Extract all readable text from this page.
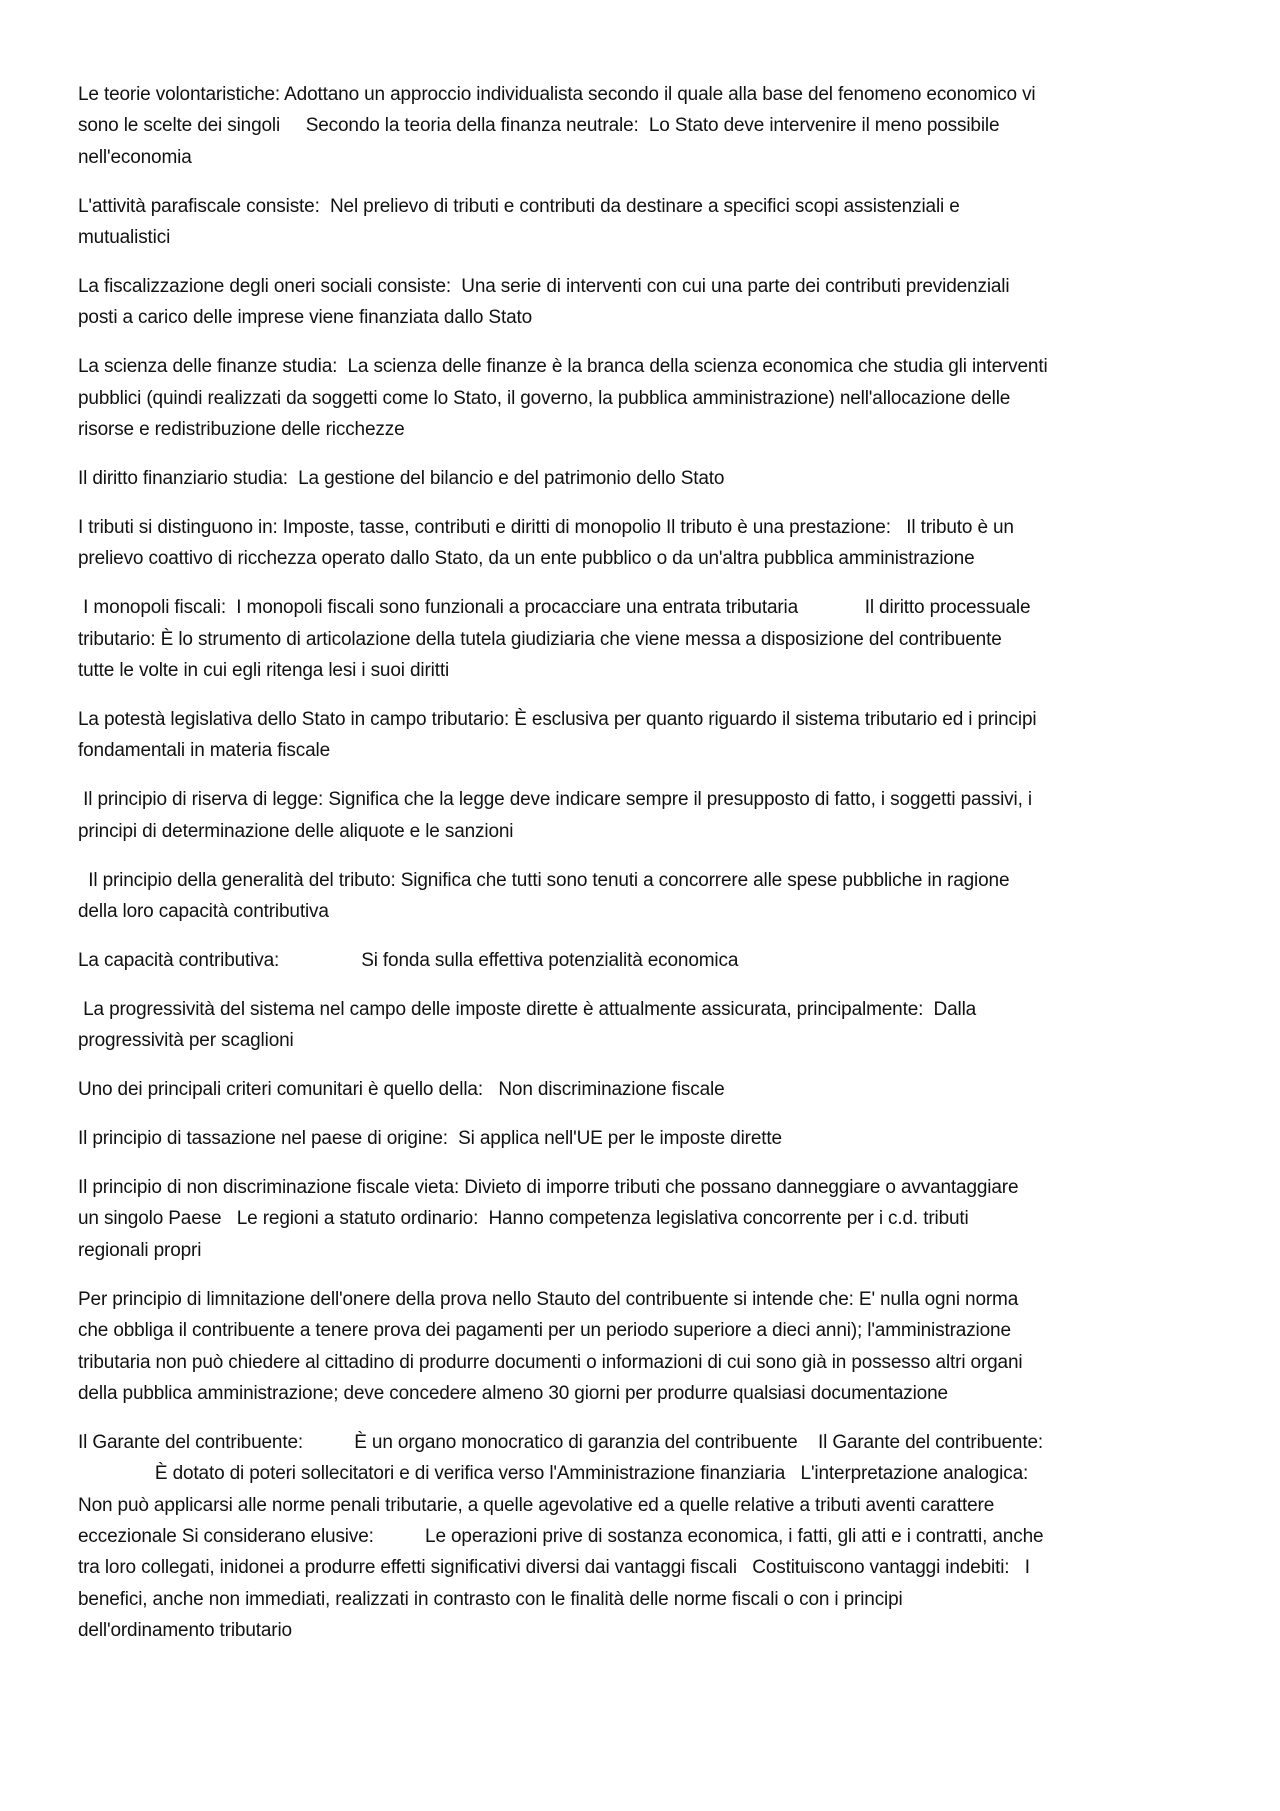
Le teorie volontaristiche: Adottano un approccio individualista secondo il quale alla base del fenomeno economico vi
sono le scelte dei singoli     Secondo la teoria della finanza neutrale:  Lo Stato deve intervenire il meno possibile
nell'economia
L'attività parafiscale consiste:  Nel prelievo di tributi e contributi da destinare a specifici scopi assistenziali e
mutualistici
La fiscalizzazione degli oneri sociali consiste:  Una serie di interventi con cui una parte dei contributi previdenziali
posti a carico delle imprese viene finanziata dallo Stato
La scienza delle finanze studia:  La scienza delle finanze è la branca della scienza economica che studia gli interventi
pubblici (quindi realizzati da soggetti come lo Stato, il governo, la pubblica amministrazione) nell'allocazione delle
risorse e redistribuzione delle ricchezze
Il diritto finanziario studia:  La gestione del bilancio e del patrimonio dello Stato
I tributi si distinguono in: Imposte, tasse, contributi e diritti di monopolio Il tributo è una prestazione:   Il tributo è un
prelievo coattivo di ricchezza operato dallo Stato, da un ente pubblico o da un'altra pubblica amministrazione
I monopoli fiscali:  I monopoli fiscali sono funzionali a procacciare una entrata tributaria             Il diritto processuale
tributario: È lo strumento di articolazione della tutela giudiziaria che viene messa a disposizione del contribuente
tutte le volte in cui egli ritenga lesi i suoi diritti
La potestà legislativa dello Stato in campo tributario: È esclusiva per quanto riguardo il sistema tributario ed i principi
fondamentali in materia fiscale
Il principio di riserva di legge: Significa che la legge deve indicare sempre il presupposto di fatto, i soggetti passivi, i
principi di determinazione delle aliquote e le sanzioni
Il principio della generalità del tributo: Significa che tutti sono tenuti a concorrere alle spese pubbliche in ragione
della loro capacità contributiva
La capacità contributiva:                Si fonda sulla effettiva potenzialità economica
La progressività del sistema nel campo delle imposte dirette è attualmente assicurata, principalmente:  Dalla
progressività per scaglioni
Uno dei principali criteri comunitari è quello della:   Non discriminazione fiscale
Il principio di tassazione nel paese di origine:  Si applica nell'UE per le imposte dirette
Il principio di non discriminazione fiscale vieta: Divieto di imporre tributi che possano danneggiare o avvantaggiare
un singolo Paese   Le regioni a statuto ordinario:  Hanno competenza legislativa concorrente per i c.d. tributi
regionali propri
Per principio di limnitazione dell'onere della prova nello Stauto del contribuente si intende che: E' nulla ogni norma
che obbliga il contribuente a tenere prova dei pagamenti per un periodo superiore a dieci anni); l'amministrazione
tributaria non può chiedere al cittadino di produrre documenti o informazioni di cui sono già in possesso altri organi
della pubblica amministrazione; deve concedere almeno 30 giorni per produrre qualsiasi documentazione
Il Garante del contribuente:          È un organo monocratico di garanzia del contribuente    Il Garante del contribuente:
È dotato di poteri sollecitatori e di verifica verso l'Amministrazione finanziaria   L'interpretazione analogica:
Non può applicarsi alle norme penali tributarie, a quelle agevolative ed a quelle relative a tributi aventi carattere
eccezionale Si considerano elusive:          Le operazioni prive di sostanza economica, i fatti, gli atti e i contratti, anche
tra loro collegati, inidonei a produrre effetti significativi diversi dai vantaggi fiscali   Costituiscono vantaggi indebiti:   I
benefici, anche non immediati, realizzati in contrasto con le finalità delle norme fiscali o con i principi
dell'ordinamento tributario
